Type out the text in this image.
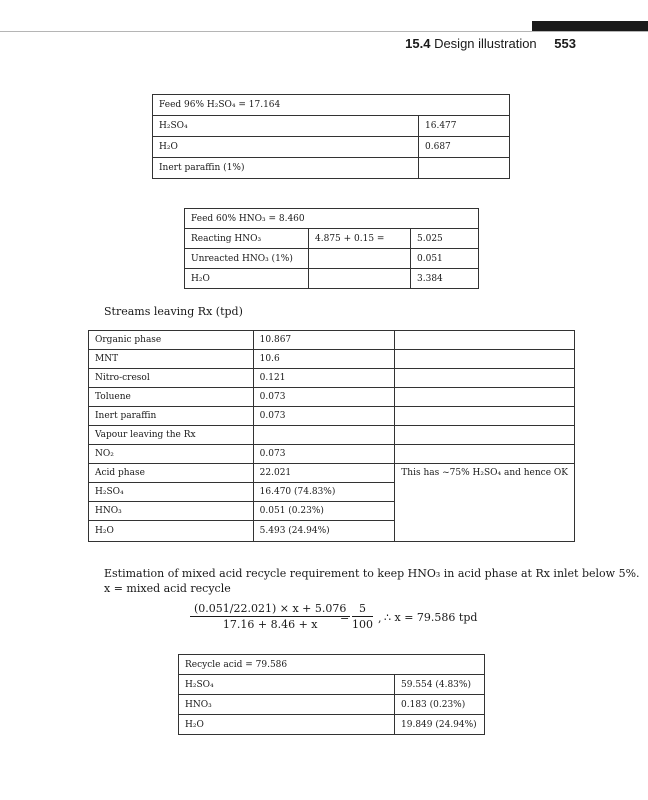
15.4 Design illustration 553
Feed 96% H₂SO₄ = 17.164	
H₂SO₄	16.477
H₂O	0.687
Inert paraffin (1%)	
Feed 60% HNO₃ = 8.460		
Reacting HNO₃	4.875 + 0.15 =	5.025
Unreacted HNO₃ (1%)		0.051
H₂O		3.384
Streams leaving Rx (tpd)
Organic phase	10.867	
MNT	10.6	
Nitro-cresol	0.121	
Toluene	0.073	
Inert paraffin	0.073	
Vapour leaving the Rx		
NO₂	0.073	
Acid phase	22.021	This has ~75% H₂SO₄ and hence OK
H₂SO₄	16.470 (74.83%)	
HNO₃	0.051 (0.23%)	
H₂O	5.493 (24.94%)	
Estimation of mixed acid recycle requirement to keep HNO₃ in acid phase at Rx inlet below 5%.
x = mixed acid recycle
$\frac{(0.051/22.021) \times x + 5.076}{17.16 + 8.46 + x}$
= $\frac{5}{100}$ , ∴ x = 79.586 tpd
Recycle acid = 79.586	
H₂SO₄	59.554 (4.83%)
HNO₃	0.183 (0.23%)
H₂O	19.849 (24.94%)
